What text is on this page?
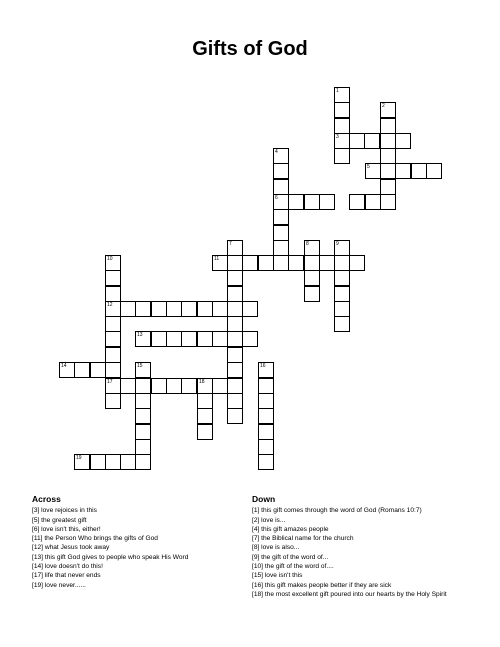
Gifts of God
1
3
2
4
6
5
7	8	9
10
12
17
11
13
14	15	16
18
19
Across
[3] love rejoices in this
[5] the greatest gift
[6] love isn't this, either!
[11] the Person Who brings the gifts of God
[12] what Jesus took away
[13] this gift God gives to people who speak His Word
[14] love doesn't do this!
[17] life that never ends
[19] love never......
Down
[1] this gift comes through the word of God (Romans 10:7)
[2] love is...
[4] this gift amazes people
[7] the Biblical name for the church
[8] love is also...
[9] the gift of the word of...
[10] the gift of the word of....
[15] love isn't this
[16] this gift makes people better if they are sick
[18] the most excellent gift poured into our hearts by the Holy Spirit
